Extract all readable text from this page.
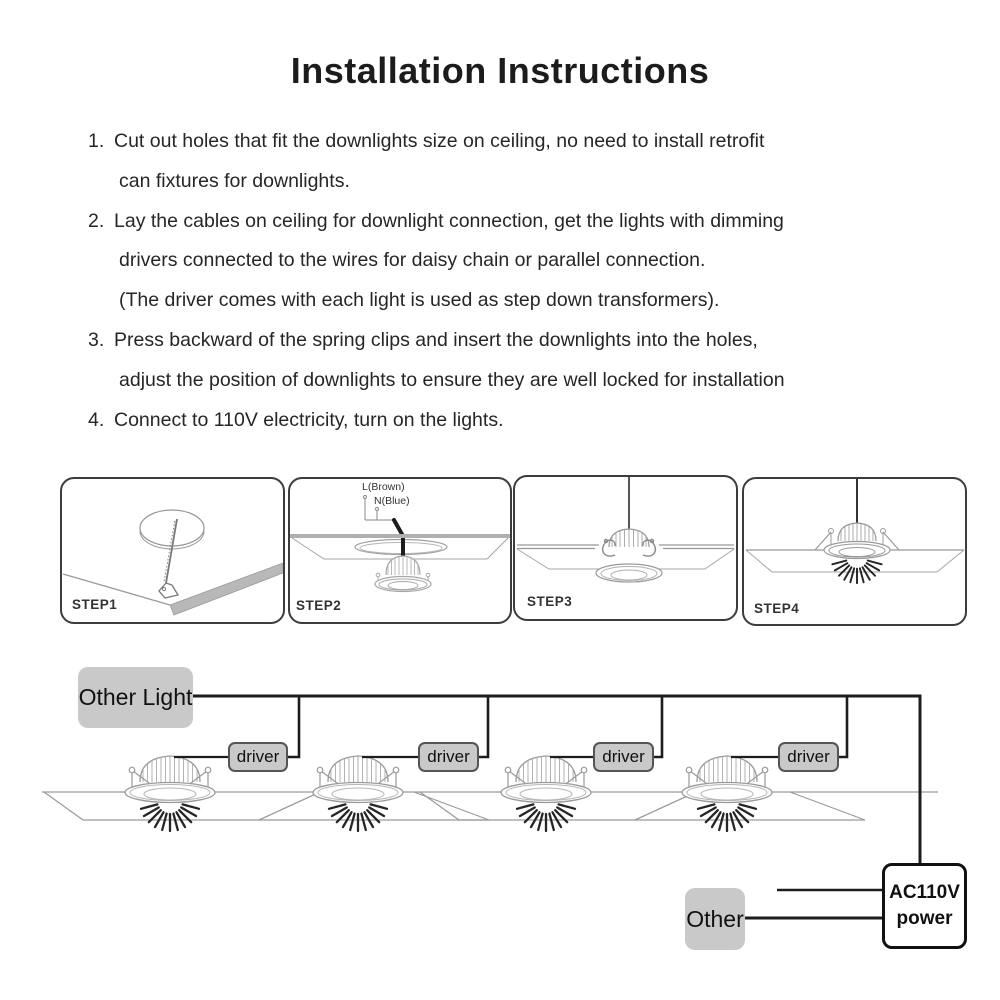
Installation Instructions
1. Cut out holes that fit the downlights size on ceiling, no need to install retrofit
can fixtures for downlights.
2. Lay the cables on ceiling for downlight connection, get the lights with dimming
drivers connected to the wires for daisy chain or parallel connection.
(The driver comes with each light is used as step down transformers).
3. Press backward of the spring clips and insert the downlights into the holes,
adjust the position of downlights to ensure they are well locked for installation
4. Connect to 110V electricity, turn on the lights.
STEP1	STEP2	STEP3	STEP4
L(Brown)
N(Blue)
Other Light
driver	driver	driver	driver
Other
AC110V
power
